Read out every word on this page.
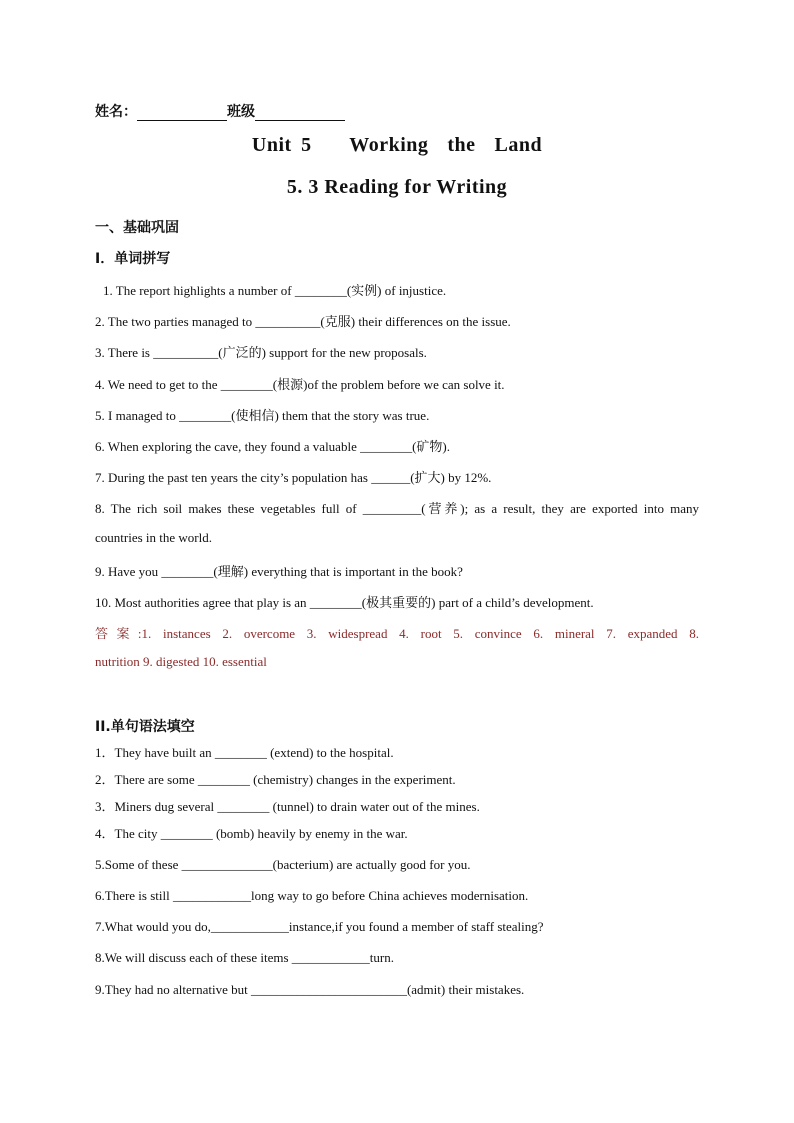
姓名：	班级
Unit 5    Working  the  Land
5. 3 Reading for Writing
一、基础巩固
I．单词拼写
1. The report highlights a number of ________(实例) of injustice.
2. The two parties managed to __________(克服) their differences on the issue.
3. There is __________(广泛的) support for the new proposals.
4. We need to get to the ________(根源)of the problem before we can solve it.
5. I managed to ________(使相信) them that the story was true.
6. When exploring the cave, they found a valuable ________(矿物).
7. During the past ten years the city’s population has ______(扩大) by 12%.
8. The rich soil makes these vegetables full of _________(营养); as a result, they are exported into many
countries in the world.
9. Have you ________(理解) everything that is important in the book?
10. Most authorities agree that play is an ________(极其重要的) part of a child’s development.
答案:1. instances 2. overcome 3. widespread 4. root 5. convince 6. mineral 7. expanded 8.
nutrition 9. digested 10. essential
II.单句语法填空
1．They have built an ________ (extend) to the hospital.
2．There are some ________ (chemistry) changes in the experiment.
3．Miners dug several ________ (tunnel) to drain water out of the mines.
4．The city ________ (bomb) heavily by enemy in the war.
5.Some of these ______________(bacterium) are actually good for you.
6.There is still ____________long way to go before China achieves modernisation.
7.What would you do,____________instance,if you found a member of staff stealing?
8.We will discuss each of these items ____________turn.
9.They had no alternative but ________________________(admit) their mistakes.
